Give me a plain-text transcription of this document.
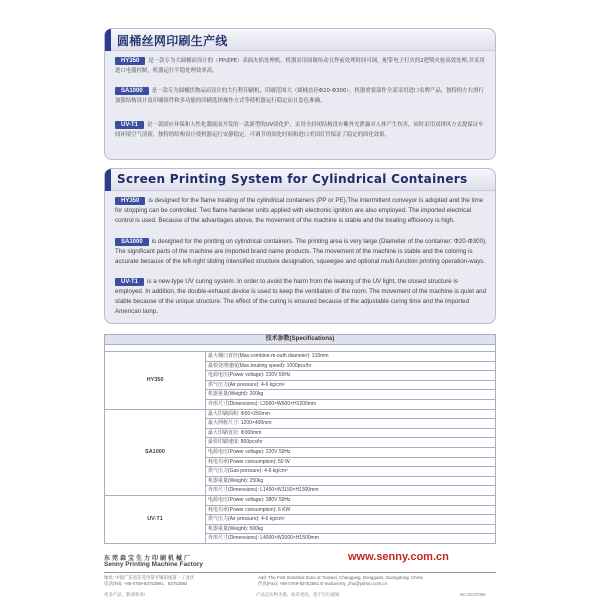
圆桶丝网印刷生产线
HY350 是一款专为大圆桶而设计的（PP或PE）表面火焰处理机，机器采用间歇传动且焊前处理时间可调，配带电子打火的2把喷火枪高效处理,并采用进口电器控制，机器运行平稳处理效率高。
SA1000 是一款专为圆桶状物品而设计的大行程印刷机，印刷范围大（圆桶直径Φ20-Φ300），机器重要部件全部采用进口名牌产品，独特的左右滑行加强结构设计及印刷组件和多功能的印刷选择操作方式等使机器运行稳定而且套色准确。
UV-T1 是一款固应环保和人性化潮流而开发的一款新型的UV固化炉，采用全封闭结构没有紫外光泄露对人体产生伤害，同时采用双排风方式提保证车间环境空气清新，独特的结构设计使机器运行安静稳定，可调节的固化时间和进口美国灯管保证了稳定的固化效果。
Screen Printing System for Cylindrical Containers
HY350 is designed for the flame treating of the cylindrical containers (PP or PE).The intermittent conveyor is adopted and the time for stopping can be controlled. Two flame hardener units applied with electronic ignition are also employed. The imported electrical control is used. Because of the advantages above, the movement of the machine is stable and the treating efficiency is high.
SA1000 is designed for the printing on cylindrical containers. The printing area is very large (Diameter of the container: Φ20-Φ300). The significant parts of the machine are imported brand name products. The movement of the machine is stable and the coloring is accurate because of the left-right sliding intensified structure designation, squeegee and optional multi-function printing operation-ways.
UV-T1 is a new-type UV curing system. In order to avoid the harm from the leaking of the UV light, the closed structure is employed. In addition, the double-exhaust device is used to keep the ventilation of the room. The movement of the machine is quiet and stable because of the unique structure. The effect of the curing is ensured because of the adjustable curing time and the imported American lamp.
技术参数(Specifications)	

HY350	最大桶口直径(Max.combine-m-outh diameter): 310mm
	最快处理速度(Max.treating speed): 1000pcs/hr
	电源电压(Power voltage): 220V 50Hz
	供气压力(Air pressure): 4-6 kg/cm²
	机器重量(Weight): 200kg
	外形尺寸(Dimensions): L2000×W600×H1200mm
SA1000	最大印刷面积: Φ50×250mm
	最大网框尺寸: 1200×400mm
	最大印刷直径: Φ300mm
	最快印刷速度: 800pcs/hr
	电源电压(Power voltage): 220V 50Hz
	耗电功率(Power consumption): 50 W
	供气压力(Gas pressure): 4-6 kg/cm²
	机器重量(Weight): 250kg
	外形尺寸(Dimensions): L1450×W1150×H1300mm
UV-T1	电源电压(Power voltage): 380V 50Hz
	耗电功率(Power consumption): 6 KW
	供气压力(Air pressure): 4-6 kg/cm²
	机器重量(Weight): 500kg
	外形尺寸(Dimensions): L4000×W2000×H1500mm
东莞森宝生力印刷机械厂
Senny Printing Machine Factory
www.senny.com.cn
地址: 中国广东省东莞市常平镇田尾第一工业区
电话(Tel): +86-0769-83752991、83752992
Add: The First Industrial Zone at Tianwei, Changping, Dongguan, Guangdong, China.
传真(Fax): +86-0769-83752881 E-mail:senny_zhu@yahoo.com.cn
更多产品，敬请垂询!	产品以实物为准，如有更改，恕不另行通知	No.SCAT006
